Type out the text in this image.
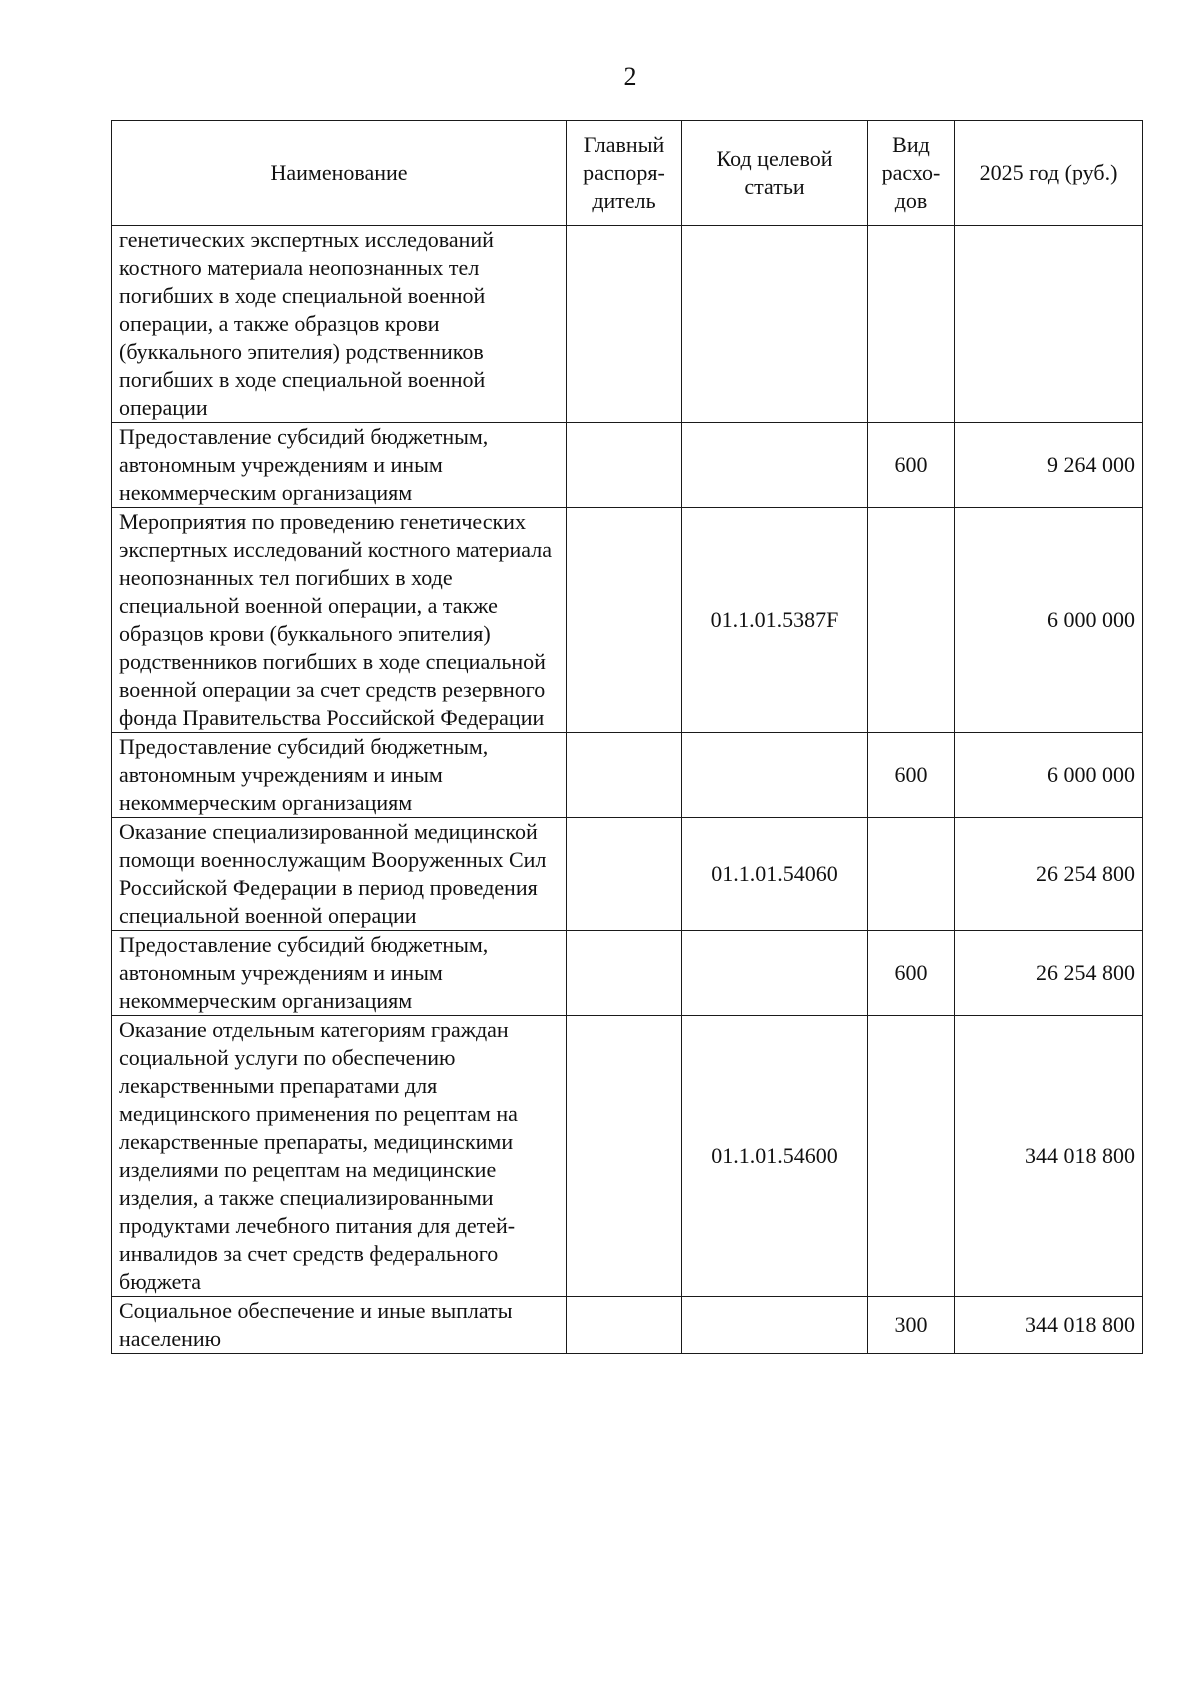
2
Наименование	Главный распоря-дитель	Код целевой статьи	Вид расхо-дов	2025 год (руб.)
генетических экспертных исследований костного материала неопознанных тел погибших в ходе специальной военной операции, а также образцов крови (буккального эпителия) родственников погибших в ходе специальной военной операции				
Предоставление субсидий бюджетным, автономным учреждениям и иным некоммерческим организациям			600	9 264 000
Мероприятия по проведению генетических экспертных исследований костного материала неопознанных тел погибших в ходе специальной военной операции, а также образцов крови (буккального эпителия) родственников погибших в ходе специальной военной операции за счет средств резервного фонда Правительства Российской Федерации		01.1.01.5387F		6 000 000
Предоставление субсидий бюджетным, автономным учреждениям и иным некоммерческим организациям			600	6 000 000
Оказание специализированной медицинской помощи военнослужащим Вооруженных Сил Российской Федерации в период проведения специальной военной операции		01.1.01.54060		26 254 800
Предоставление субсидий бюджетным, автономным учреждениям и иным некоммерческим организациям			600	26 254 800
Оказание отдельным категориям граждан социальной услуги по обеспечению лекарственными препаратами для медицинского применения по рецептам на лекарственные препараты, медицинскими изделиями по рецептам на медицинские изделия, а также специализированными продуктами лечебного питания для детей-инвалидов за счет средств федерального бюджета		01.1.01.54600		344 018 800
Социальное обеспечение и иные выплаты населению			300	344 018 800
